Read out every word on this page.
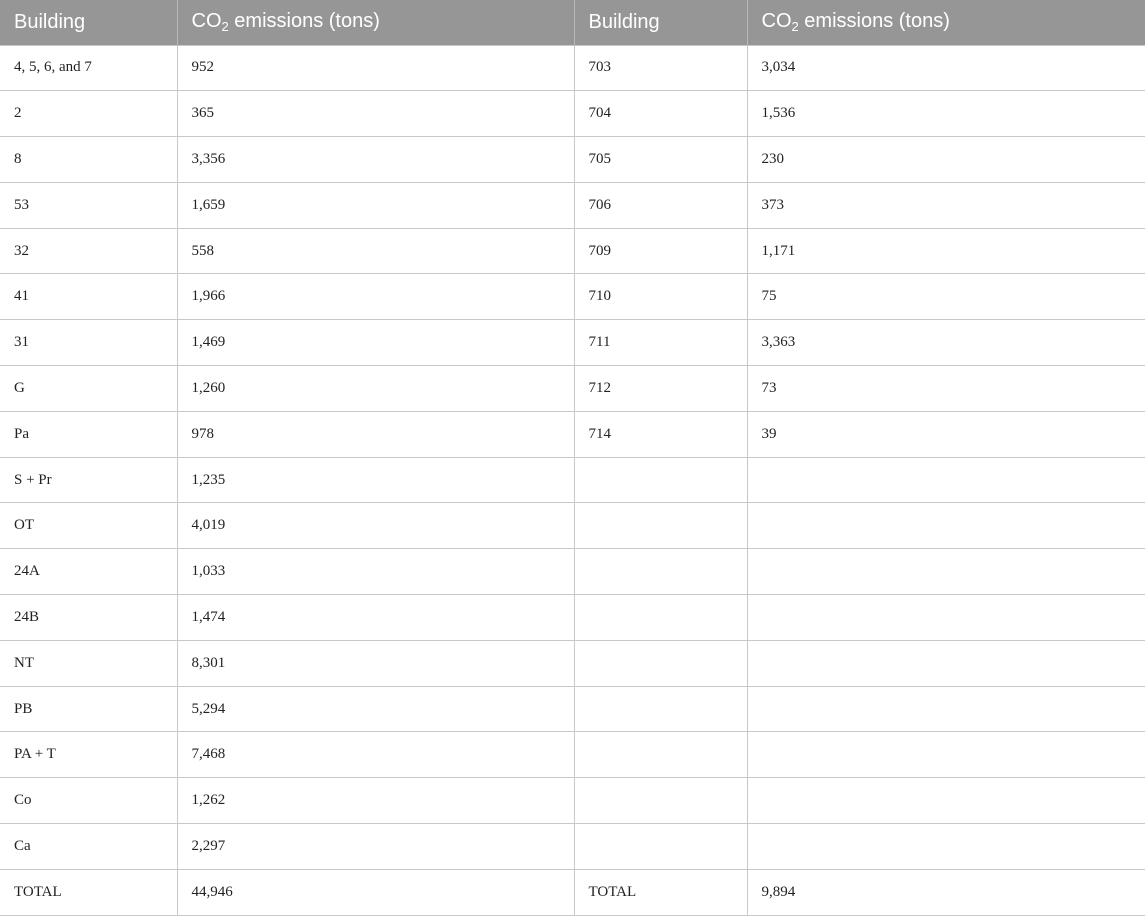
Building	$CO_2$ emissions (tons)	Building	$CO_2$ emissions (tons)
4, 5, 6, and 7	952	703	3,034
2	365	704	1,536
8	3,356	705	230
53	1,659	706	373
32	558	709	1,171
41	1,966	710	75
31	1,469	711	3,363
G	1,260	712	73
Pa	978	714	39
S + Pr	1,235		
OT	4,019		
24A	1,033		
24B	1,474		
NT	8,301		
PB	5,294		
PA + T	7,468		
Co	1,262		
Ca	2,297		
TOTAL	44,946	TOTAL	9,894
